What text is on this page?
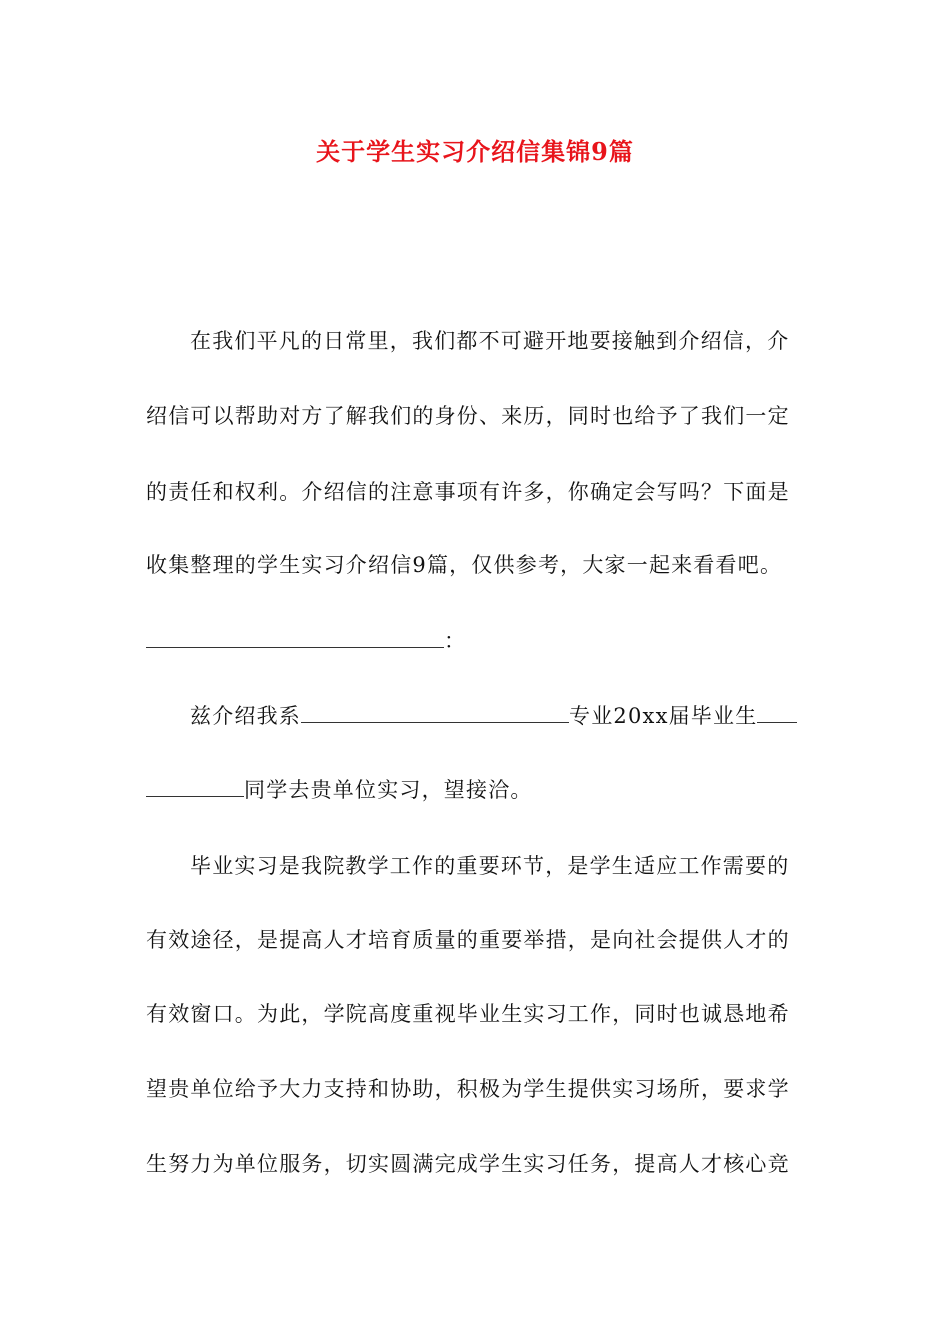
关于学生实习介绍信集锦9篇
在我们平凡的日常里，我们都不可避开地要接触到介绍信，介
绍信可以帮助对方了解我们的身份、来历，同时也给予了我们一定
的责任和权利。介绍信的注意事项有许多，你确定会写吗？下面是
收集整理的学生实习介绍信9篇，仅供参考，大家一起来看看吧。
：
兹介绍我系	专业20xx届毕业生
同学去贵单位实习，望接洽。
毕业实习是我院教学工作的重要环节，是学生适应工作需要的
有效途径，是提高人才培育质量的重要举措，是向社会提供人才的
有效窗口。为此，学院高度重视毕业生实习工作，同时也诚恳地希
望贵单位给予大力支持和协助，积极为学生提供实习场所，要求学
生努力为单位服务，切实圆满完成学生实习任务，提高人才核心竞
